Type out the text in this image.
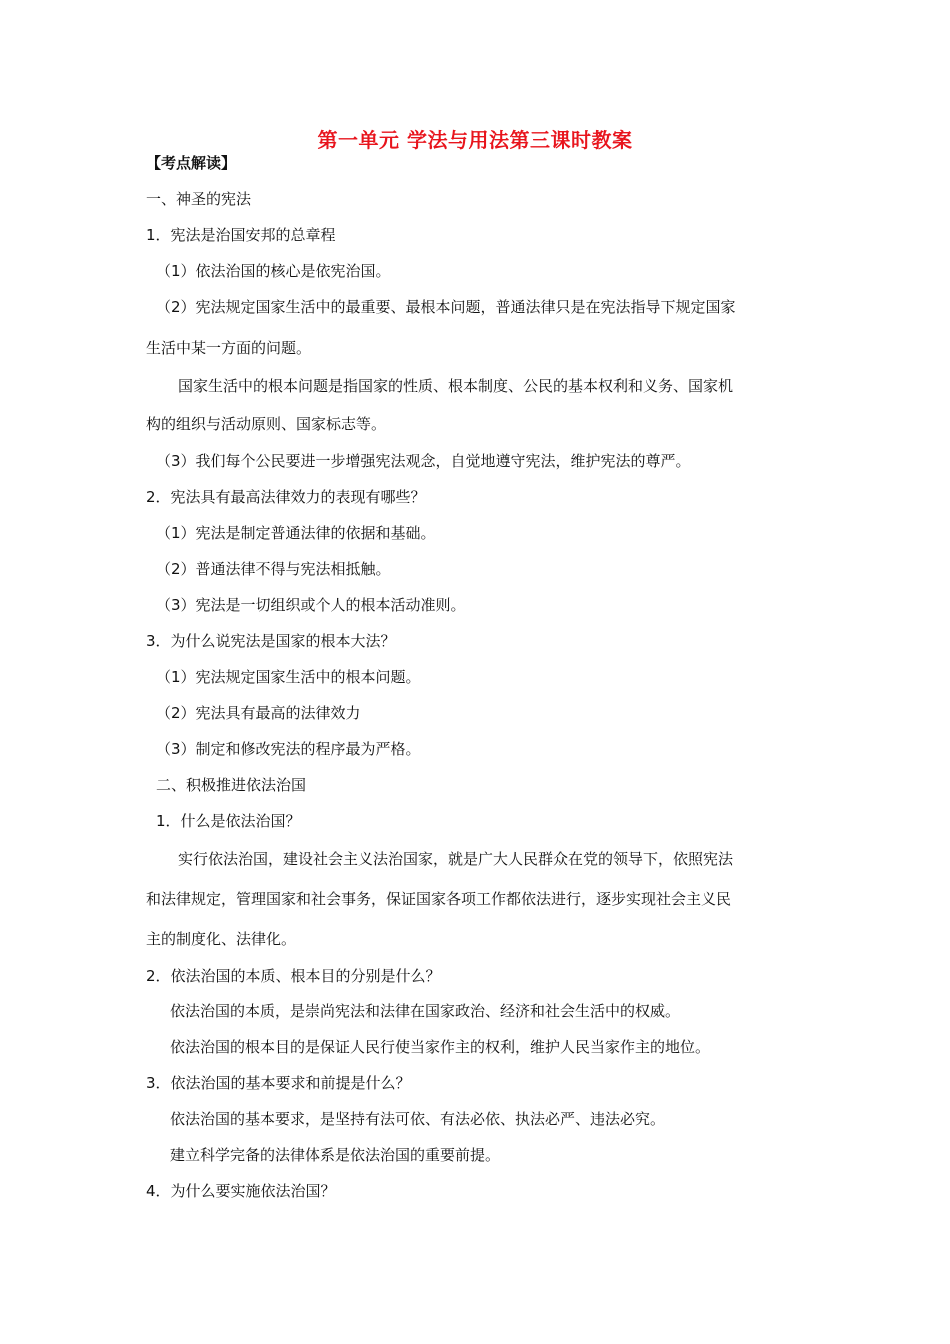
第一单元 学法与用法第三课时教案
【考点解读】
一、神圣的宪法
1．宪法是治国安邦的总章程
（1）依法治国的核心是依宪治国。
（2）宪法规定国家生活中的最重要、最根本问题，普通法律只是在宪法指导下规定国家
生活中某一方面的问题。
国家生活中的根本问题是指国家的性质、根本制度、公民的基本权利和义务、国家机
构的组织与活动原则、国家标志等。
（3）我们每个公民要进一步增强宪法观念，自觉地遵守宪法，维护宪法的尊严。
2．宪法具有最高法律效力的表现有哪些？
（1）宪法是制定普通法律的依据和基础。
（2）普通法律不得与宪法相抵触。
（3）宪法是一切组织或个人的根本活动准则。
3．为什么说宪法是国家的根本大法？
（1）宪法规定国家生活中的根本问题。
（2）宪法具有最高的法律效力
（3）制定和修改宪法的程序最为严格。
二、积极推进依法治国
1．什么是依法治国？
实行依法治国，建设社会主义法治国家，就是广大人民群众在党的领导下，依照宪法
和法律规定，管理国家和社会事务，保证国家各项工作都依法进行，逐步实现社会主义民
主的制度化、法律化。
2．依法治国的本质、根本目的分别是什么？
依法治国的本质，是崇尚宪法和法律在国家政治、经济和社会生活中的权威。
依法治国的根本目的是保证人民行使当家作主的权利，维护人民当家作主的地位。
3．依法治国的基本要求和前提是什么？
依法治国的基本要求，是坚持有法可依、有法必依、执法必严、违法必究。
建立科学完备的法律体系是依法治国的重要前提。
4．为什么要实施依法治国？
